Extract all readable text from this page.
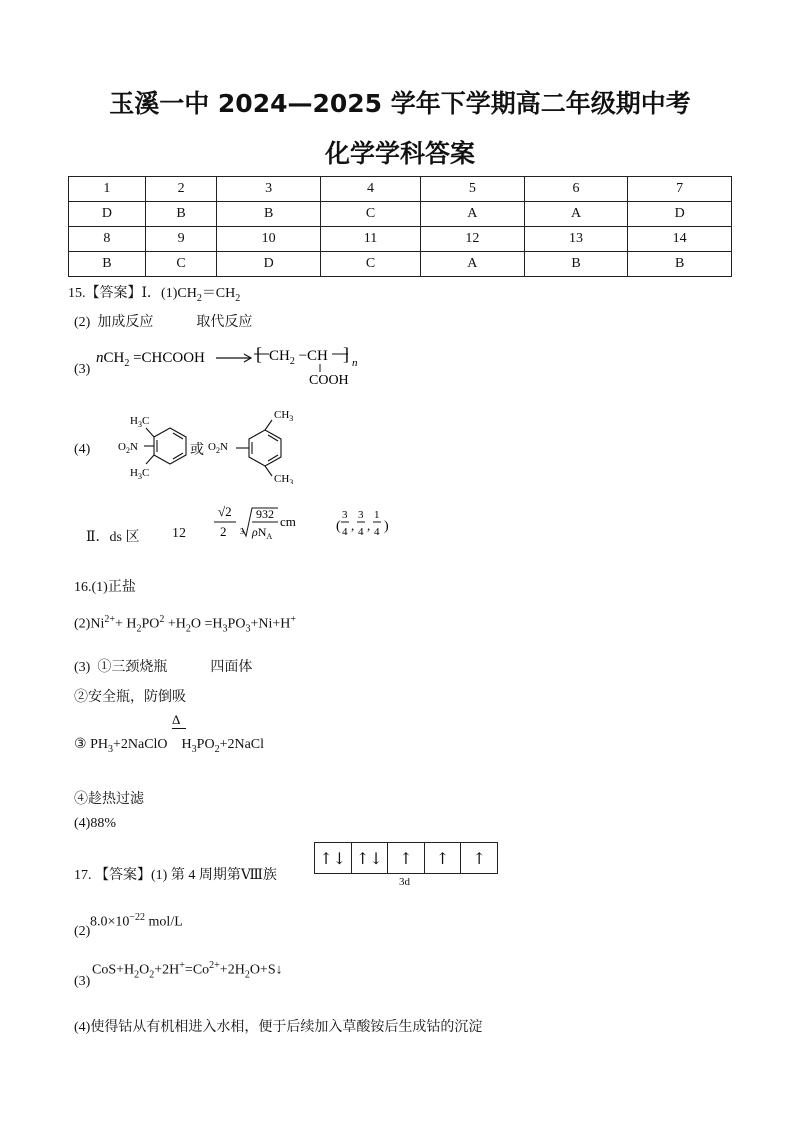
玉溪一中 2024—2025 学年下学期高二年级期中考
化学学科答案
1	2	3	4	5	6	7
D	B	B	C	A	A	D
8	9	10	11	12	13	14
B	C	D	C	A	B	B
15.【答案】Ⅰ．$(1)CH_2=CH_2$
(2) 加成反应	取代反应
(3)
nCH$_2$ =CHCOOH	[ $CH_2 -CH$ ] n
COOH
(4)
$H_3C$
$O_2N$
$H_3C$
或 $O_2N$
$CH_3$
$CH_3$
Ⅱ．ds 区 12
√2
2 3
932
$\rho N_A$
cm	(
3
4 ,
3
4 ,
1
4 )
16.(1)正盐
$(2)Ni^{2+}+ H_2PO^2 +H_2O =H_3PO_3+Ni+H^+$
(3) ①三颈烧瓶	四面体
②安全瓶，防倒吸
Δ
③ $PH_3+2NaClO$    $H_3PO_2+2NaCl$
④趁热过滤
(4)88%
17. 【答案】(1) 第 4 周期第Ⅷ族
↑↓ ↑↓	↑	↑	↑
3d
$8.0\times 10^{-22}$ mol/L
(2)
$CoS+H_2O_2+2H^+=Co^{2+}+2H_2O+S↓$
(3)
(4)使得钴从有机相进入水相，便于后续加入草酸铵后生成钴的沉淀
